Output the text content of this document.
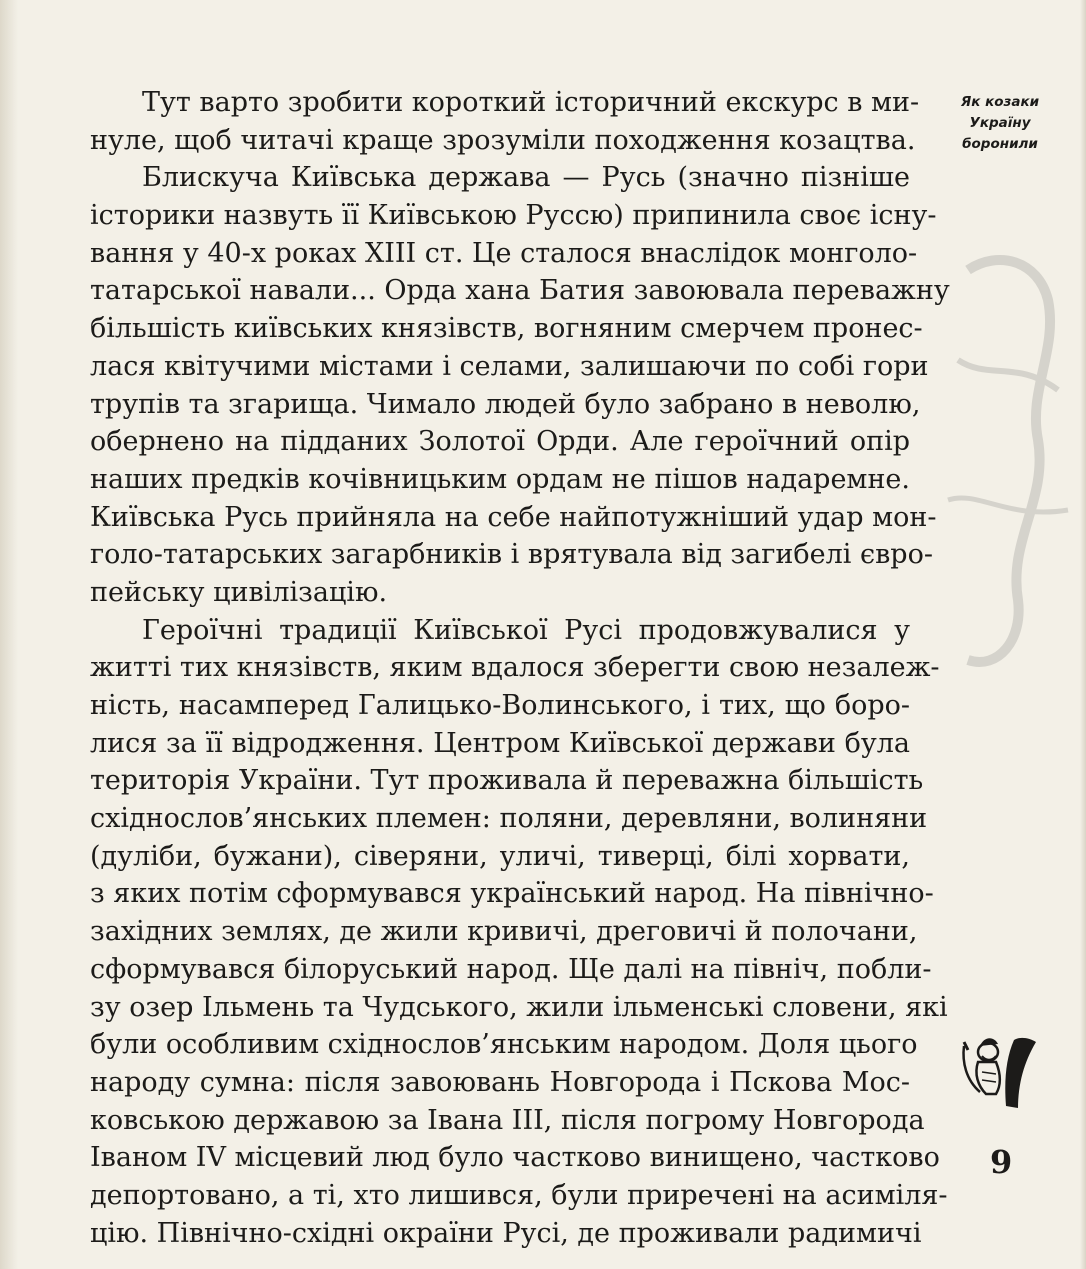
Тут варто зробити короткий історичний екскурс в ми-
нуле, щоб читачі краще зрозуміли походження козацтва.
Блискуча Київська держава — Русь (значно пізніше
історики назвуть її Київською Руссю) припинила своє існу-
вання у 40-х роках XIII ст. Це сталося внаслідок монголо-
татарської навали... Орда хана Батия завоювала переважну
більшість київських князівств, вогняним смерчем пронес-
лася квітучими містами і селами, залишаючи по собі гори
трупів та згарища. Чимало людей було забрано в неволю,
обернено на підданих Золотої Орди. Але героїчний опір
наших предків кочівницьким ордам не пішов надаремне.
Київська Русь прийняла на себе найпотужніший удар мон-
голо-татарських загарбників і врятувала від загибелі євро-
пейську цивілізацію.
Героїчні традиції Київської Русі продовжувалися у
житті тих князівств, яким вдалося зберегти свою незалеж-
ність, насамперед Галицько-Волинського, і тих, що боро-
лися за її відродження. Центром Київської держави була
територія України. Тут проживала й переважна більшість
східнослов’янських племен: поляни, деревляни, волиняни
(дуліби, бужани), сіверяни, уличі, тиверці, білі хорвати,
з яких потім сформувався український народ. На північно-
західних землях, де жили кривичі, дреговичі й полочани,
сформувався білоруський народ. Ще далі на північ, побли-
зу озер Ільмень та Чудського, жили ільменські словени, які
були особливим східнослов’янським народом. Доля цього
народу сумна: після завоювань Новгорода і Пскова Мос-
ковською державою за Івана III, після погрому Новгорода
Іваном IV місцевий люд було частково винищено, частково
депортовано, а ті, хто лишився, були приречені на асиміля-
цію. Північно-східні окраїни Русі, де проживали радимичі
Як козаки
Україну
боронили
9
